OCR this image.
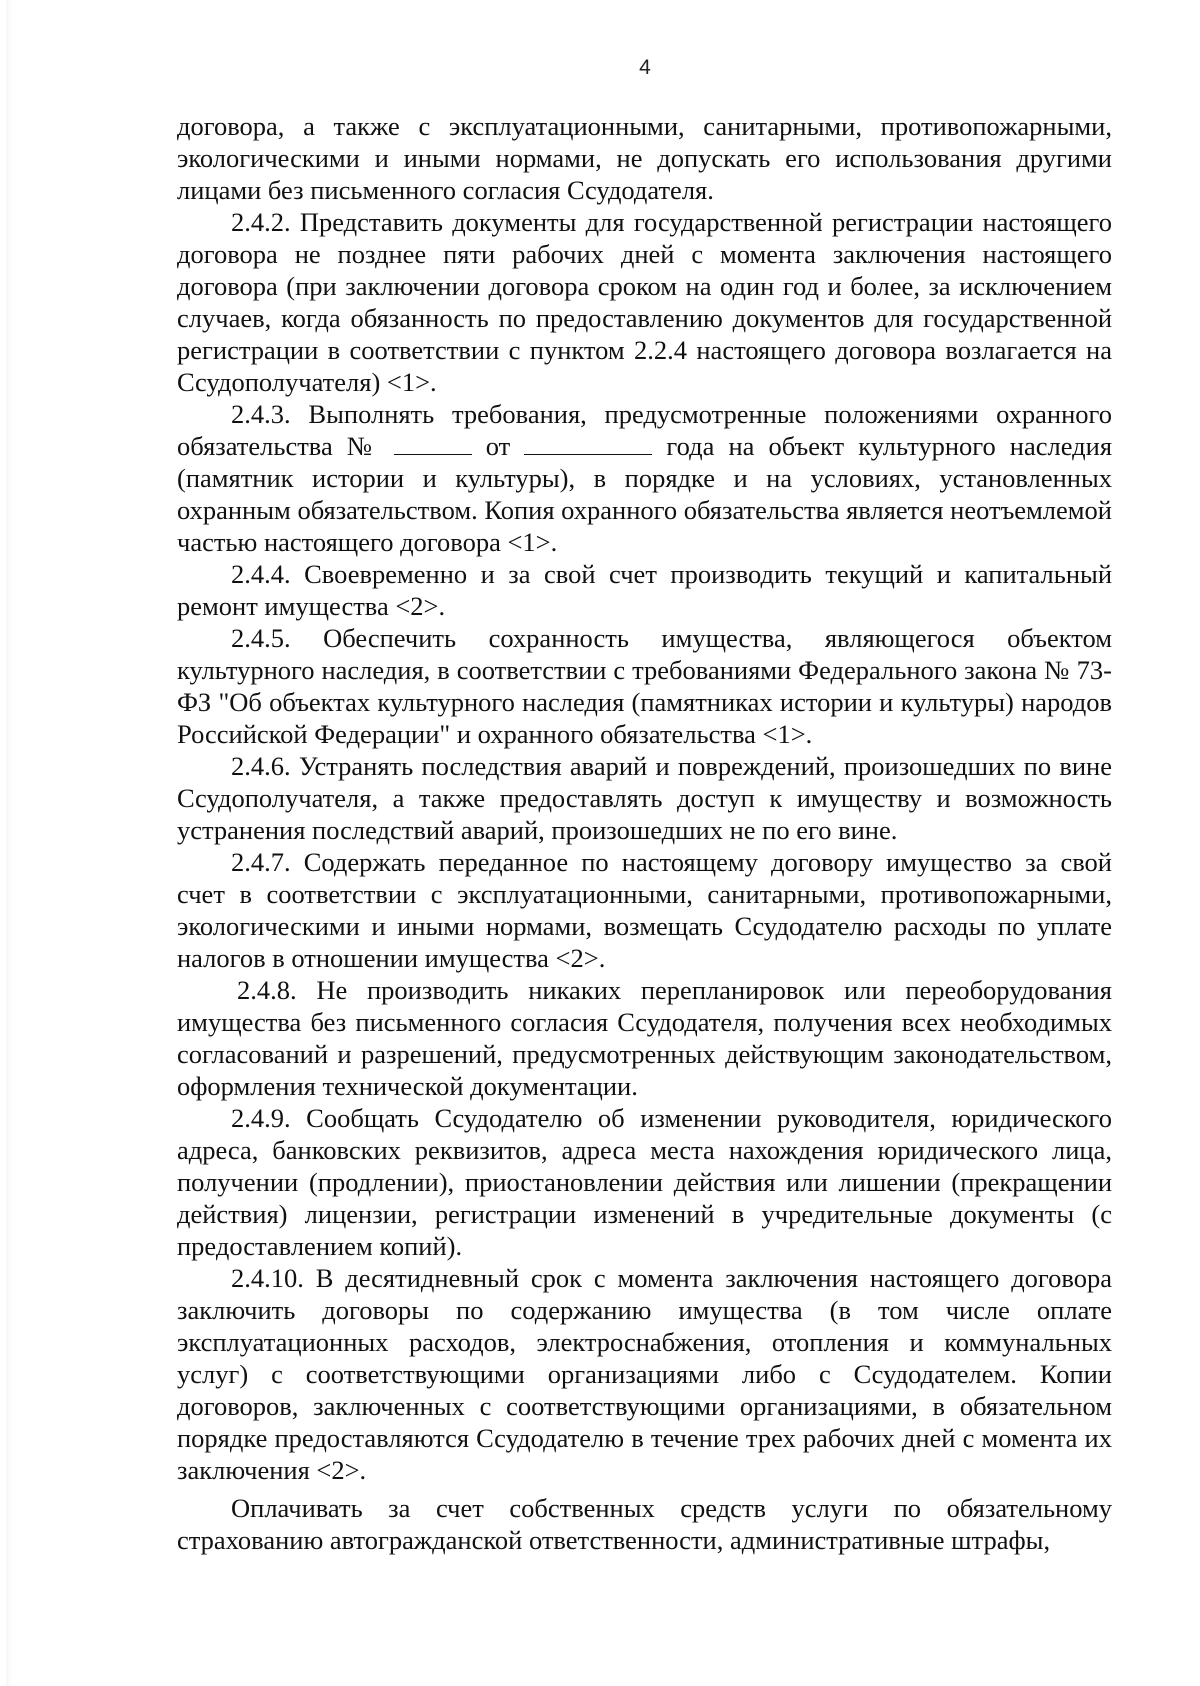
4

договора, а также с эксплуатационными, санитарными, противопожарными, экологическими и иными нормами, не допускать его использования другими лицами без письменного согласия Ссудодателя.

2.4.2. Представить документы для государственной регистрации настоящего договора не позднее пяти рабочих дней с момента заключения настоящего договора (при заключении договора сроком на один год и более, за исключением случаев, когда обязанность по предоставлению документов для государственной регистрации в соответствии с пунктом 2.2.4 настоящего договора возлагается на Ссудополучателя) <1>.

2.4.3. Выполнять требования, предусмотренные положениями охранного обязательства №	от	года на объект культурного наследия (памятник истории и культуры), в порядке и на условиях, установленных охранным обязательством. Копия охранного обязательства является неотъемлемой частью настоящего договора <1>.

2.4.4. Своевременно и за свой счет производить текущий и капитальный ремонт имущества <2>.

2.4.5. Обеспечить сохранность имущества, являющегося объектом культурного наследия, в соответствии с требованиями Федерального закона № 73-ФЗ "Об объектах культурного наследия (памятниках истории и культуры) народов Российской Федерации" и охранного обязательства <1>.

2.4.6. Устранять последствия аварий и повреждений, произошедших по вине Ссудополучателя, а также предоставлять доступ к имуществу и возможность устранения последствий аварий, произошедших не по его вине.

2.4.7. Содержать переданное по настоящему договору имущество за свой счет в соответствии с эксплуатационными, санитарными, противопожарными, экологическими и иными нормами, возмещать Ссудодателю расходы по уплате налогов в отношении имущества <2>.

2.4.8. Не производить никаких перепланировок или переоборудования имущества без письменного согласия Ссудодателя, получения всех необходимых согласований и разрешений, предусмотренных действующим законодательством, оформления технической документации.

2.4.9. Сообщать Ссудодателю об изменении руководителя, юридического адреса, банковских реквизитов, адреса места нахождения юридического лица, получении (продлении), приостановлении действия или лишении (прекращении действия) лицензии, регистрации изменений в учредительные документы (с предоставлением копий).

2.4.10. В десятидневный срок с момента заключения настоящего договора заключить договоры по содержанию имущества (в том числе оплате эксплуатационных расходов, электроснабжения, отопления и коммунальных услуг) с соответствующими организациями либо с Ссудодателем. Копии договоров, заключенных с соответствующими организациями, в обязательном порядке предоставляются Ссудодателю в течение трех рабочих дней с момента их заключения <2>.

Оплачивать за счет собственных средств услуги по обязательному страхованию автогражданской ответственности, административные штрафы,
